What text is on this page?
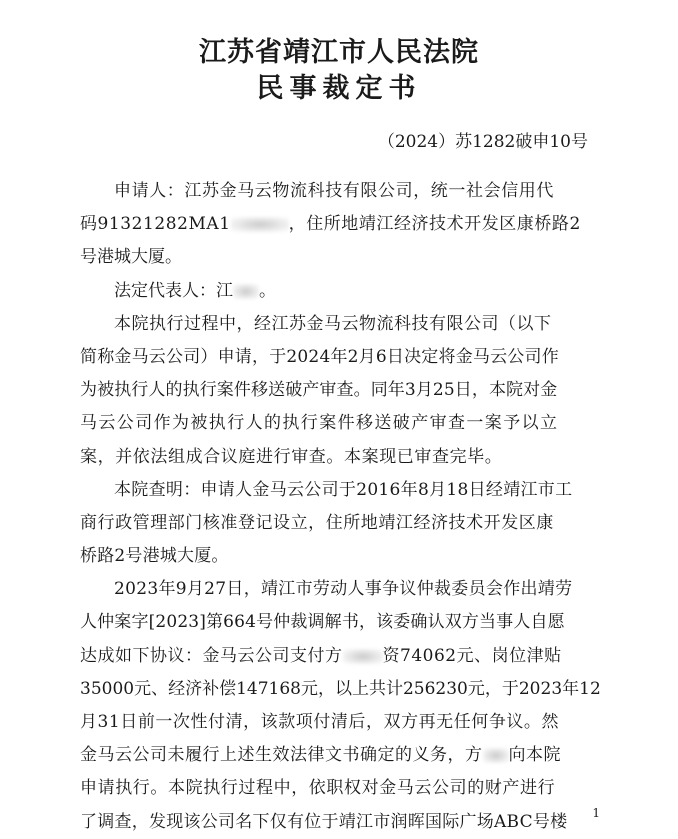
江苏省靖江市人民法院
民事裁定书
（2024）苏1282破申10号
申请人：江苏金马云物流科技有限公司，统一社会信用代
码91321282MA1	，住所地靖江经济技术开发区康桥路2
号港城大厦。
法定代表人：江 。
本院执行过程中，经江苏金马云物流科技有限公司（以下
简称金马云公司）申请，于2024年2月6日决定将金马云公司作
为被执行人的执行案件移送破产审查。同年3月25日，本院对金
马云公司作为被执行人的执行案件移送破产审查一案予以立
案，并依法组成合议庭进行审查。本案现已审查完毕。
本院查明：申请人金马云公司于2016年8月18日经靖江市工
商行政管理部门核准登记设立，住所地靖江经济技术开发区康
桥路2号港城大厦。
2023年9月27日，靖江市劳动人事争议仲裁委员会作出靖劳
人仲案字[2023]第664号仲裁调解书，该委确认双方当事人自愿
达成如下协议：金马云公司支付方 资74062元、岗位津贴
35000元、经济补偿147168元，以上共计256230元，于2023年12
月31日前一次性付清，该款项付清后，双方再无任何争议。然
金马云公司未履行上述生效法律文书确定的义务，方 向本院
申请执行。本院执行过程中，依职权对金马云公司的财产进行
了调查，发现该公司名下仅有位于靖江市润晖国际广场ABC号楼	1
